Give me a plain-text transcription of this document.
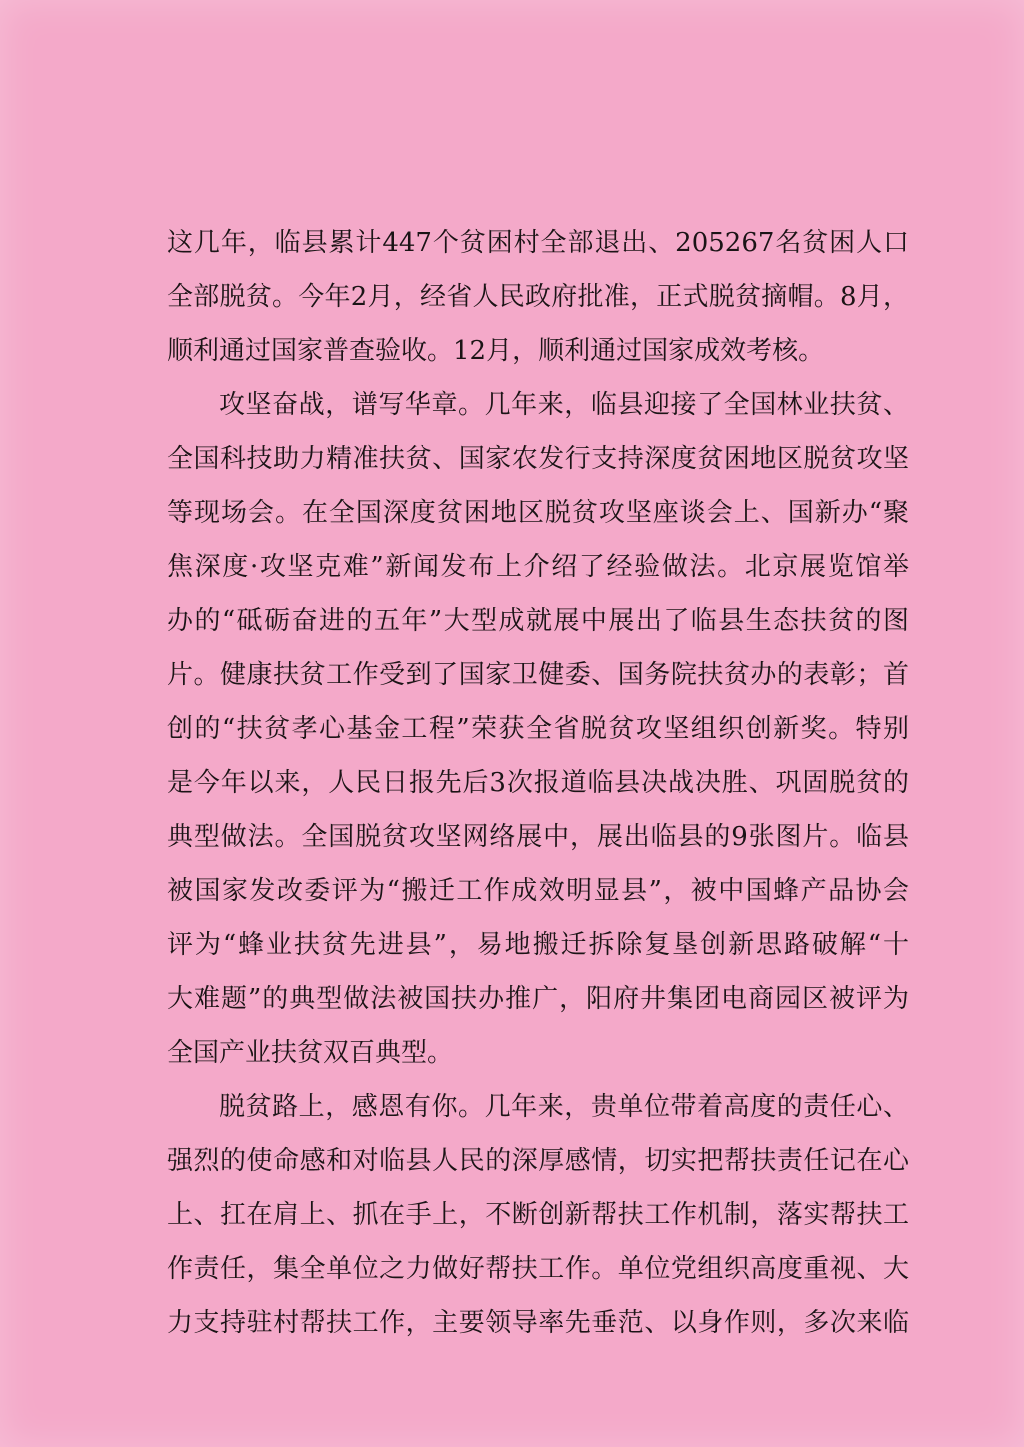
这几年，临县累计447个贫困村全部退出、205267名贫困人口
全部脱贫。今年2月，经省人民政府批准，正式脱贫摘帽。8月，
顺利通过国家普查验收。12月，顺利通过国家成效考核。
攻坚奋战，谱写华章。几年来，临县迎接了全国林业扶贫、
全国科技助力精准扶贫、国家农发行支持深度贫困地区脱贫攻坚
等现场会。在全国深度贫困地区脱贫攻坚座谈会上、国新办“聚
焦深度·攻坚克难”新闻发布上介绍了经验做法。北京展览馆举
办的“砥砺奋进的五年”大型成就展中展出了临县生态扶贫的图
片。健康扶贫工作受到了国家卫健委、国务院扶贫办的表彰；首
创的“扶贫孝心基金工程”荣获全省脱贫攻坚组织创新奖。特别
是今年以来，人民日报先后3次报道临县决战决胜、巩固脱贫的
典型做法。全国脱贫攻坚网络展中，展出临县的9张图片。临县
被国家发改委评为“搬迁工作成效明显县”，被中国蜂产品协会
评为“蜂业扶贫先进县”，易地搬迁拆除复垦创新思路破解“十
大难题”的典型做法被国扶办推广，阳府井集团电商园区被评为
全国产业扶贫双百典型。
脱贫路上，感恩有你。几年来，贵单位带着高度的责任心、
强烈的使命感和对临县人民的深厚感情，切实把帮扶责任记在心
上、扛在肩上、抓在手上，不断创新帮扶工作机制，落实帮扶工
作责任，集全单位之力做好帮扶工作。单位党组织高度重视、大
力支持驻村帮扶工作，主要领导率先垂范、以身作则，多次来临
